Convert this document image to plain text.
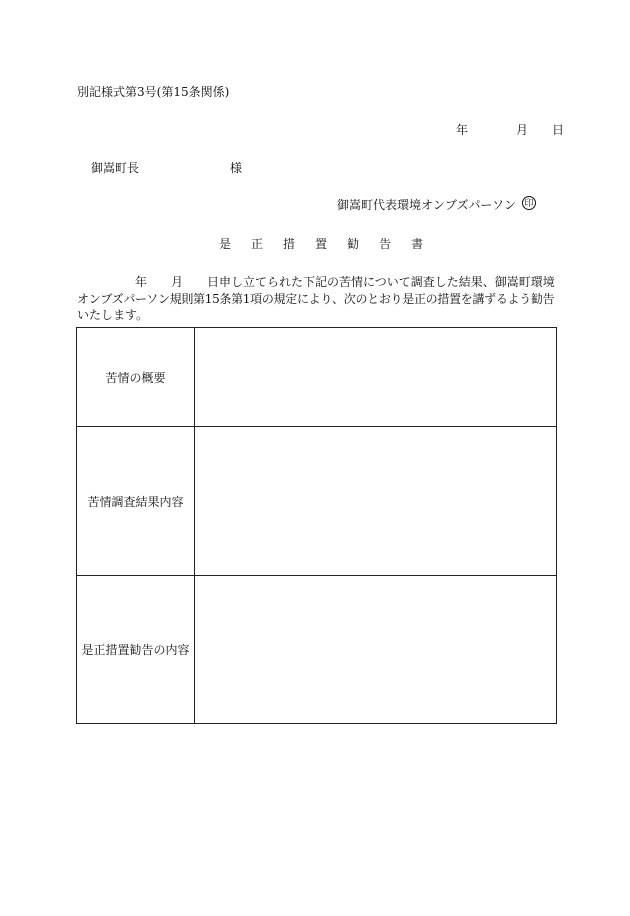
別記様式第3号(第15条関係)
年	月 日
御嵩町長	様
御嵩町代表環境オンブズパーソン 印
是 正 措 置 勧 告 書
年 月 日申し立てられた下記の苦情について調査した結果、御嵩町環境
オンブズパーソン規則第15条第1項の規定により、次のとおり是正の措置を講ずるよう勧告
いたします。
苦情の概要	
苦情調査結果内容	
是正措置勧告の内容	
